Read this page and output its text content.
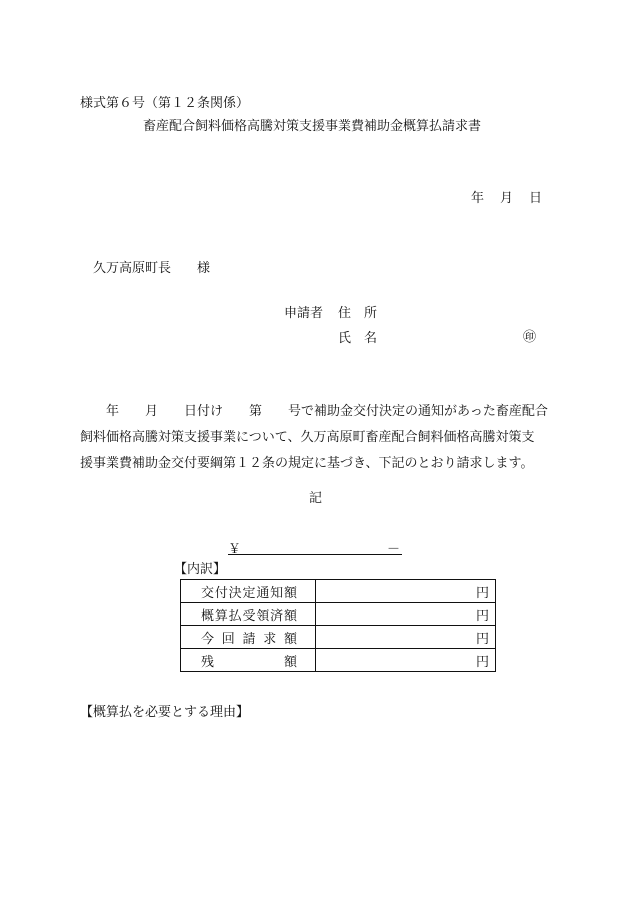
様式第６号（第１２条関係）
畜産配合飼料価格高騰対策支援事業費補助金概算払請求書
年 月 日
久万高原町長 様
申請者 住　所
氏　名	㊞
　　年　　月　　日付け　　第　　号で補助金交付決定の通知があった畜産配合
飼料価格高騰対策支援事業について、久万高原町畜産配合飼料価格高騰対策支
援事業費補助金交付要綱第１２条の規定に基づき、下記のとおり請求します。
記
￥	－
【内訳】
交付決定通知額	円

概算払受領済額	円

今回請求額	円

残額	円
【概算払を必要とする理由】
